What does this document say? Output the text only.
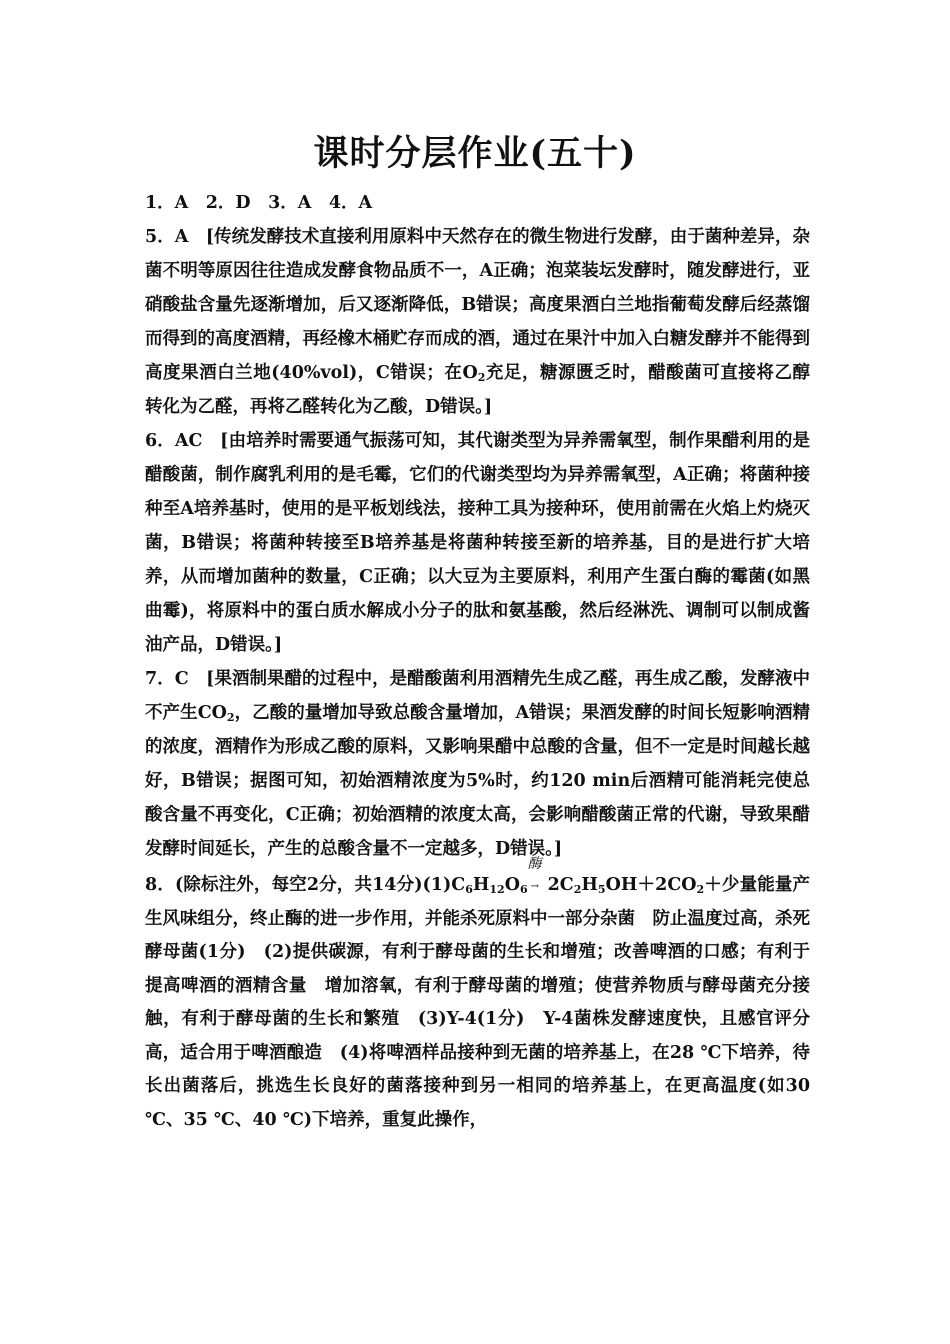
课时分层作业(五十)

1．A　2．D　3．A　4．A

5．A　[传统发酵技术直接利用原料中天然存在的微生物进行发酵，由于菌种差异，杂菌不明等原因往往造成发酵食物品质不一，A正确；泡菜装坛发酵时，随发酵进行，亚硝酸盐含量先逐渐增加，后又逐渐降低，B错误；高度果酒白兰地指葡萄发酵后经蒸馏而得到的高度酒精，再经橡木桶贮存而成的酒，通过在果汁中加入白糖发酵并不能得到高度果酒白兰地(40%vol)，C错误；在$O_2$充足，糖源匮乏时，醋酸菌可直接将乙醇转化为乙醛，再将乙醛转化为乙酸，D错误。]

6．AC　[由培养时需要通气振荡可知，其代谢类型为异养需氧型，制作果醋利用的是醋酸菌，制作腐乳利用的是毛霉，它们的代谢类型均为异养需氧型，A正确；将菌种接种至A培养基时，使用的是平板划线法，接种工具为接种环，使用前需在火焰上灼烧灭菌，B错误；将菌种转接至B培养基是将菌种转接至新的培养基，目的是进行扩大培养，从而增加菌种的数量，C正确；以大豆为主要原料，利用产生蛋白酶的霉菌(如黑曲霉)，将原料中的蛋白质水解成小分子的肽和氨基酸，然后经淋洗、调制可以制成酱油产品，D错误。]

7．C　[果酒制果醋的过程中，是醋酸菌利用酒精先生成乙醛，再生成乙酸，发酵液中不产生$CO_2$，乙酸的量增加导致总酸含量增加，A错误；果酒发酵的时间长短影响酒精的浓度，酒精作为形成乙酸的原料，又影响果醋中总酸的含量，但不一定是时间越长越好，B错误；据图可知，初始酒精浓度为5%时，约120 min后酒精可能消耗完使总酸含量不再变化，C正确；初始酒精的浓度太高，会影响醋酸菌正常的代谢，导致果醋发酵时间延长，产生的总酸含量不一定越多，D错误。]

8．(除标注外，每空2分，共14分)$(1)C_6H_{12}O_6$
酶
→ $2C_2H_5OH+2CO_2+$少量能量产生风味组分，终止酶的进一步作用，并能杀死原料中一部分杂菌　防止温度过高，杀死酵母菌(1分)　(2)提供碳源，有利于酵母菌的生长和增殖；改善啤酒的口感；有利于提高啤酒的酒精含量　增加溶氧，有利于酵母菌的增殖；使营养物质与酵母菌充分接触，有利于酵母菌的生长和繁殖　(3)Y-4(1分)　Y-4菌株发酵速度快，且感官评分高，适合用于啤酒酿造　(4)将啤酒样品接种到无菌的培养基上，在28 ℃下培养，待长出菌落后，挑选生长良好的菌落接种到另一相同的培养基上，在更高温度(如30 ℃、35 ℃、40 ℃)下培养，重复此操作，
